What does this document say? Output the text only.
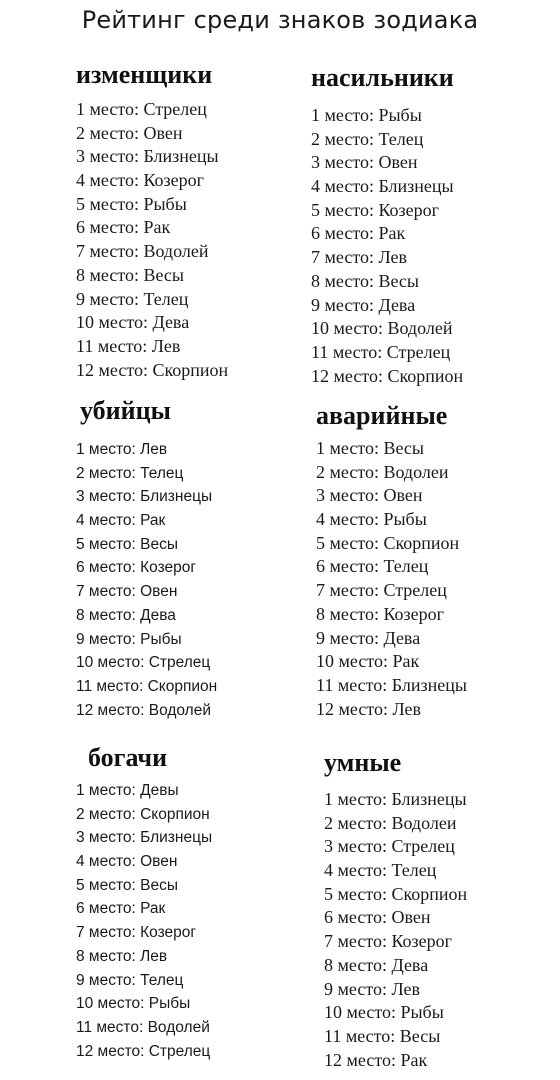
Рейтинг среди знаков зодиака
изменщики
1 место: Стрелец
2 место: Овен
3 место: Близнецы
4 место: Козерог
5 место: Рыбы
6 место: Рак
7 место: Водолей
8 место: Весы
9 место: Телец
10 место: Дева
11 место: Лев
12 место: Скорпион
насильники
1 место: Рыбы
2 место: Телец
3 место: Овен
4 место: Близнецы
5 место: Козерог
6 место: Рак
7 место: Лев
8 место: Весы
9 место: Дева
10 место: Водолей
11 место: Стрелец
12 место: Скорпион
убийцы
1 место: Лев
2 место: Телец
3 место: Близнецы
4 место: Рак
5 место: Весы
6 место: Козерог
7 место: Овен
8 место: Дева
9 место: Рыбы
10 место: Стрелец
11 место: Скорпион
12 место: Водолей
аварийные
1 место: Весы
2 место: Водолеи
3 место: Овен
4 место: Рыбы
5 место: Скорпион
6 место: Телец
7 место: Стрелец
8 место: Козерог
9 место: Дева
10 место: Рак
11 место: Близнецы
12 место: Лев
богачи
1 место: Девы
2 место: Скорпион
3 место: Близнецы
4 место: Овен
5 место: Весы
6 место: Рак
7 место: Козерог
8 место: Лев
9 место: Телец
10 место: Рыбы
11 место: Водолей
12 место: Стрелец
умные
1 место: Близнецы
2 место: Водолеи
3 место: Стрелец
4 место: Телец
5 место: Скорпион
6 место: Овен
7 место: Козерог
8 место: Дева
9 место: Лев
10 место: Рыбы
11 место: Весы
12 место: Рак
